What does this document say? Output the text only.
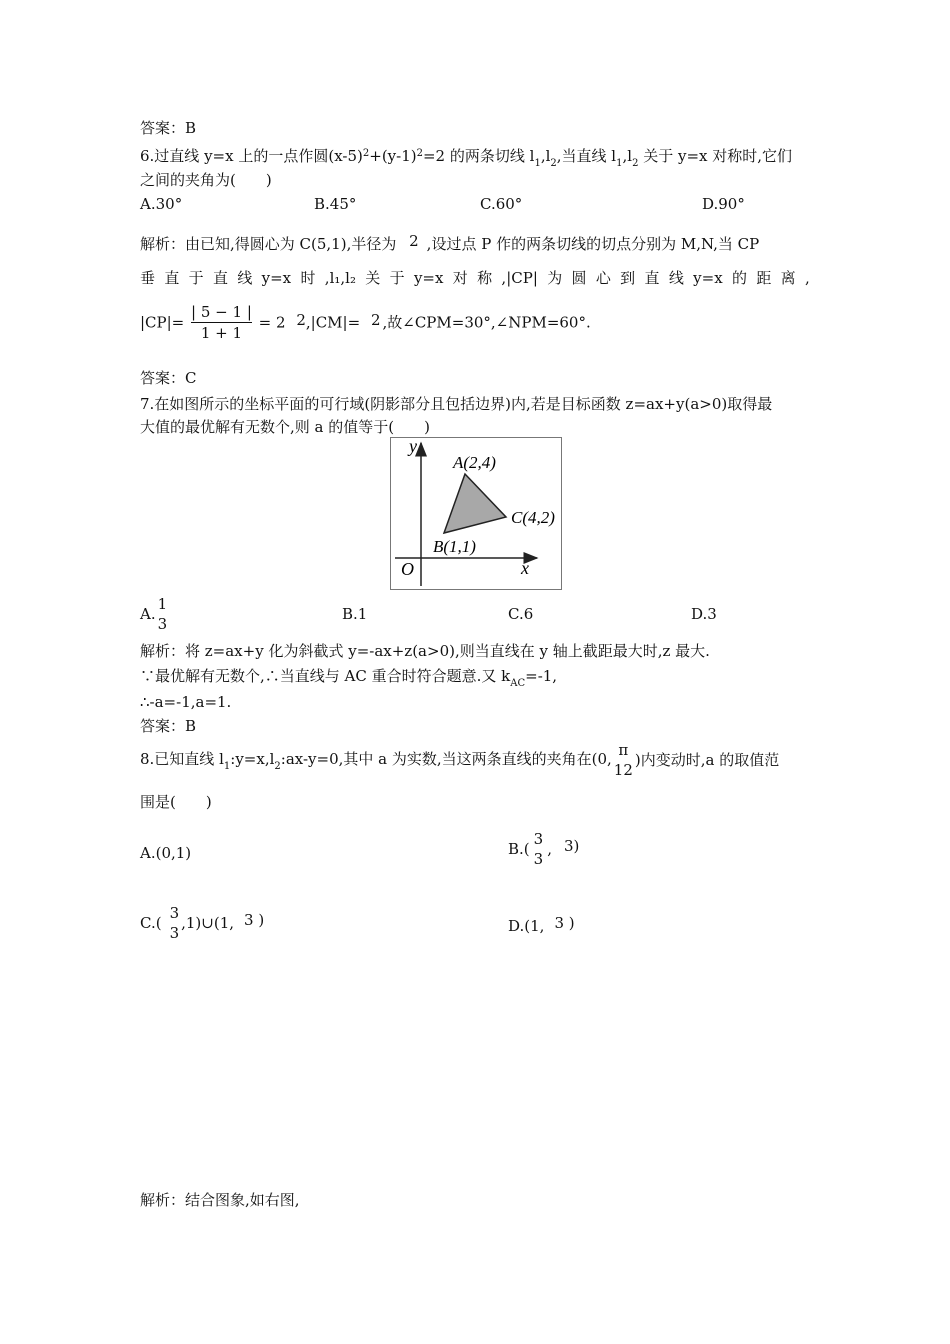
答案：B
6.过直线 y=x 上的一点作圆$(x-5)^2+(y-1)^2=2$ 的两条切线 $l_1,l_2$,当直线 $l_1,l_2$ 关于 y=x 对称时,它们
之间的夹角为(　　)
A.30°	B.45°	C.60°	D.90°
解析：由已知,得圆心为 C(5,1),半径为 2 ,设过点 P 作的两条切线的切点分别为 M,N,当 CP
垂 直 于 直 线 y=x 时 ,l₁,l₂ 关 于 y=x 对 称 ,|CP| 为 圆 心 到 直 线 y=x 的 距 离 ,
$|CP|= \frac{| 5 - 1 |}{1 + 1} = 2$ 2,|CM|= 2 ,故∠CPM=30°,∠NPM=60°.
答案：C
7.在如图所示的坐标平面的可行域(阴影部分且包括边界)内,若是目标函数 z=ax+y(a>0)取得最
大值的最优解有无数个,则 a 的值等于(　　)
y
x
O
A(2,4)
B(1,1)
C(4,2)
A.
1
3
B.1	C.6	D.3
解析：将 z=ax+y 化为斜截式 y=-ax+z(a>0),则当直线在 y 轴上截距最大时,z 最大.
∵最优解有无数个,∴当直线与 AC 重合时符合题意.又 $k_{AC}=-1$,
∴-a=-1,a=1.
答案：B
8.已知直线 $l_1:y=x,l_2:ax-y=0$,其中 a 为实数,当这两条直线的夹角在(0, π
12
)内变动时,a 的取值范
围是(　　)
A.(0,1)	B.(
3
3
, 3)
C.(
3
3
,1)∪(1, 3 )	D.(1, 3 )
解析：结合图象,如右图,
